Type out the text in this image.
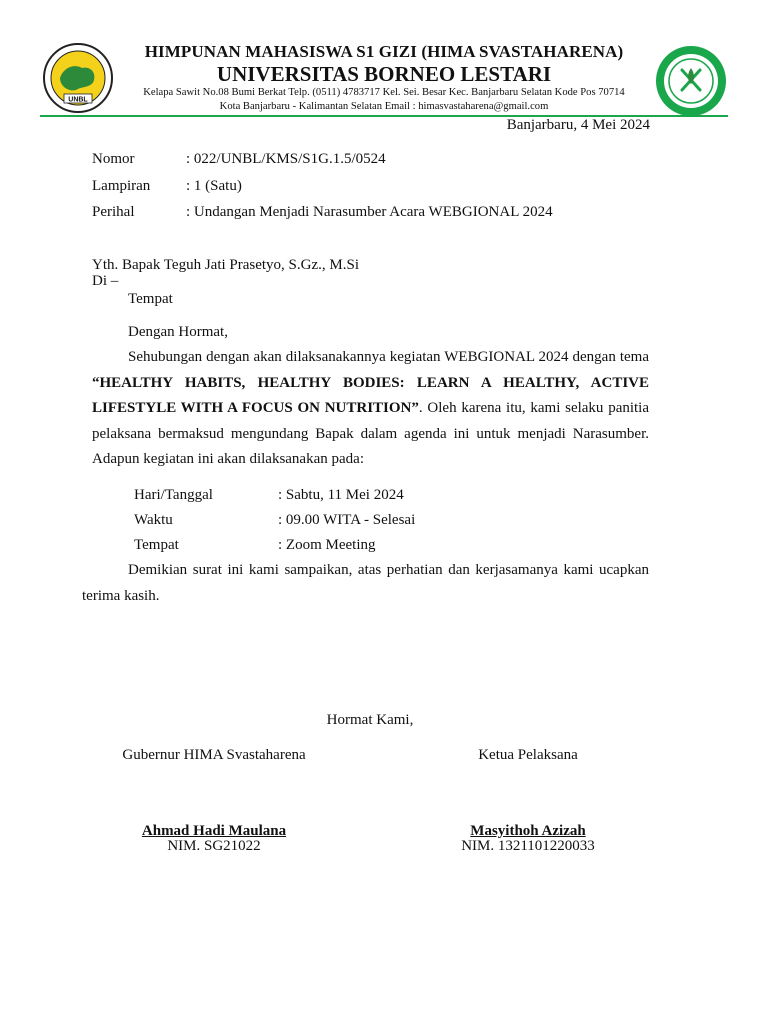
UNBL
HIMPUNAN MAHASISWA S1 GIZI (HIMA SVASTAHARENA)
UNIVERSITAS BORNEO LESTARI
Kelapa Sawit No.08 Bumi Berkat Telp. (0511) 4783717 Kel. Sei. Besar Kec. Banjarbaru Selatan Kode Pos 70714
Kota Banjarbaru - Kalimantan Selatan Email : himasvastaharena@gmail.com
Banjarbaru, 4 Mei 2024
Nomor	: 022/UNBL/KMS/S1G.1.5/0524
Lampiran : 1 (Satu)
Perihal	: Undangan Menjadi Narasumber Acara WEBGIONAL 2024
Yth. Bapak Teguh Jati Prasetyo, S.Gz., M.Si
Di –
Tempat
Dengan Hormat,
Sehubungan dengan akan dilaksanakannya kegiatan WEBGIONAL 2024 dengan tema “HEALTHY HABITS, HEALTHY BODIES: LEARN A HEALTHY, ACTIVE LIFESTYLE WITH A FOCUS ON NUTRITION”. Oleh karena itu, kami selaku panitia pelaksana bermaksud mengundang Bapak dalam agenda ini untuk menjadi Narasumber. Adapun kegiatan ini akan dilaksanakan pada:
Hari/Tanggal	: Sabtu, 11 Mei 2024
Waktu	: 09.00 WITA - Selesai
Tempat	: Zoom Meeting
Demikian surat ini kami sampaikan, atas perhatian dan kerjasamanya kami ucapkan terima kasih.
Hormat Kami,
Gubernur HIMA Svastaharena
Ahmad Hadi Maulana
NIM. SG21022
Ketua Pelaksana
Masyithoh Azizah
NIM. 1321101220033
